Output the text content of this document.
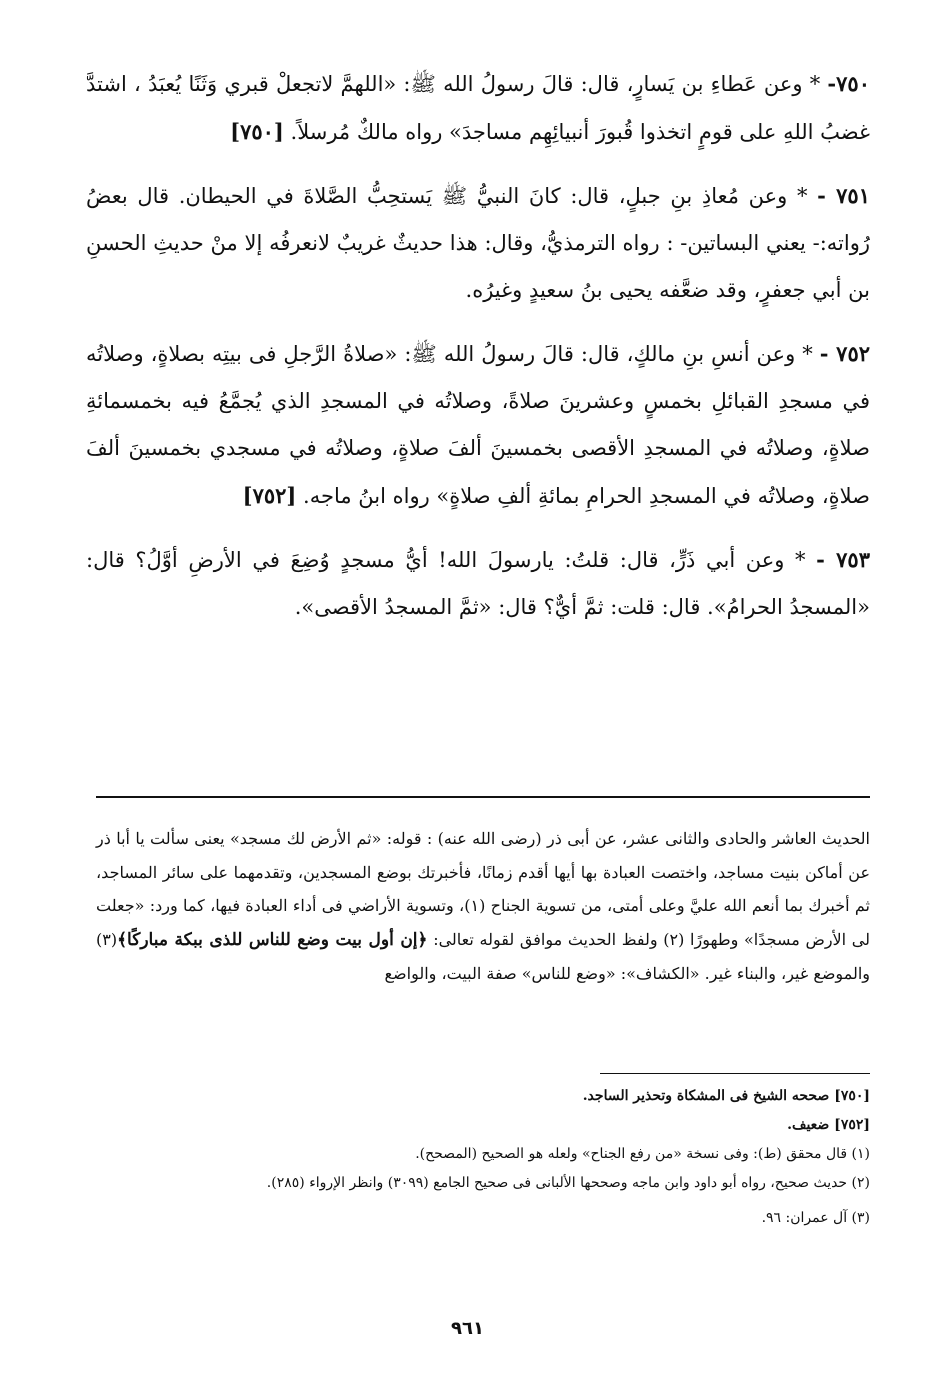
٧٥٠- * وعن عَطاءِ بن يَسارٍ، قال: قالَ رسولُ الله ﷺ: «اللهمَّ لاتجعلْ قبري وَثَنًا يُعبَدُ ، اشتدَّ غضبُ اللهِ على قومٍ اتخذوا قُبورَ أنبيائِهِم مساجدَ» رواه مالكٌ مُرسلاً. [٧٥٠]

٧٥١ - * وعن مُعاذِ بنِ جبلٍ، قال: كانَ النبيُّ ﷺ يَستحِبُّ الصَّلاةَ في الحيطان. قال بعضُ رُواته:- يعني البساتين- : رواه الترمذيُّ، وقال: هذا حديثٌ غريبٌ لانعرفُه إلا منْ حديثِ الحسنِ بن أبي جعفرٍ، وقد ضعَّفه يحيى بنُ سعيدٍ وغيرُه.

٧٥٢ - * وعن أنسِ بنِ مالكٍ، قال: قالَ رسولُ الله ﷺ: «صلاةُ الرَّجلِ فى بيتِه بصلاةٍ، وصلاتُه في مسجدِ القبائلِ بخمسٍ وعشرينَ صلاةً، وصلاتُه في المسجدِ الذي يُجمَّعُ فيه بخمسمائةِ صلاةٍ، وصلاتُه في المسجدِ الأقصى بخمسينَ ألفَ صلاةٍ، وصلاتُه في مسجدي بخمسينَ ألفَ صلاةٍ، وصلاتُه في المسجدِ الحرامِ بمائةِ ألفِ صلاةٍ» رواه ابنُ ماجه. [٧٥٢]

٧٥٣ - * وعن أبي ذَرٍّ، قال: قلتُ: يارسولَ الله! أيُّ مسجدٍ وُضِعَ في الأرضِ أوَّلُ؟ قال: «المسجدُ الحرامُ». قال: قلت: ثمَّ أيٌّ؟ قال: «ثمَّ المسجدُ الأقصى».

الحديث العاشر والحادى والثانى عشر، عن أبى ذر (رضى الله عنه) : قوله: «ثم الأرض لك مسجد» يعنى سألت يا أبا ذر عن أماكن بنيت مساجد، واختصت العبادة بها أيها أقدم زمانًا، فأخبرتك بوضع المسجدين، وتقدمهما على سائر المساجد، ثم أخبرك بما أنعم الله عليَّ وعلى أمتى، من تسوية الجناح (١)، وتسوية الأراضي فى أداء العبادة فيها، كما ورد: «جعلت لى الأرض مسجدًا» وطهورًا (٢) ولفظ الحديث موافق لقوله تعالى: ﴿إن أول بيت وضع للناس للذى ببكة مباركًا﴾(٣) والموضع غير، والبناء غير. «الكشاف»: «وضع للناس» صفة البيت، والواضع
[٧٥٠] صححه الشيخ فى المشكاة وتحذير الساجد.
[٧٥٢] ضعيف.
(١) قال محقق (ط): وفى نسخة «من رفع الجناح» ولعله هو الصحيح (المصحح).
(٢) حديث صحيح، رواه أبو داود وابن ماجه وصححها الألبانى فى صحيح الجامع (٣٠٩٩) وانظر الإرواء (٢٨٥).
(٣) آل عمران: ٩٦.
٩٦١
